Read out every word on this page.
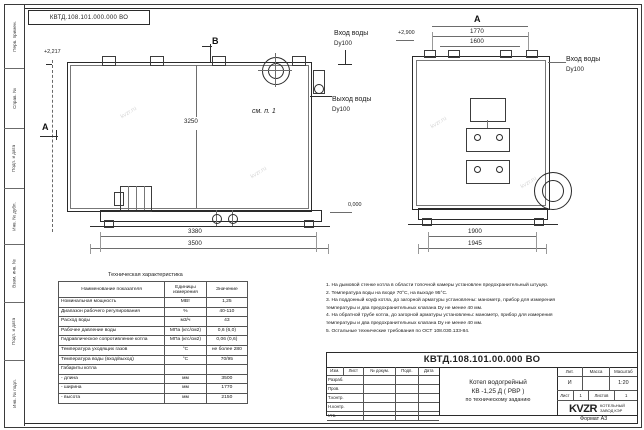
Перв. примен.
Справ. №
Подп. и дата
Инв. № дубл.
Взам. инв. №
Подп. и дата
Инв. № подл.
КВТД.108.101.000.000 ВО
+2,217
Вход воды
Dy100
Выход воды
Dy100
см. п. 1
3250
0,000
3380
3500
А
В
А
1770
1600
+2,900
Вход воды
Dy100
1900
1945
kvzr.ru
kvzr.ru
kvzr.ru
kvzr.ru
Техническая характеристика
Наименование показателя	Единицы измерения	Значение
Номинальная мощность	МВт	1,25
Диапазон рабочего регулирования	%	40-110
Расход воды	м3/ч	43
Рабочее давление воды	МПа (кгс/см2)	0,6 (6,0)
Гидравлическое сопротивление котла	МПа (кгс/см2)	0,06 (0,6)
Температура уходящих газов	°С	не более 280
Температура воды (вход/выход)	°С	70/95
Габариты котла		
- длина	мм	3500
- ширина	мм	1770
- высота	мм	2150
1. На дымовой стенке котла в области топочной камеры установлен предохранительный штуцер.
2. Температура воды на входе 70°С, на выходе 95°С.
3. На поддонный коуф котла, до загорной арматуры установлены: манометр, прибор для измерения температуры и два предохранительных клапана Dу не менее 40 мм.
4. На обратной трубе котла, до загорной арматуры установлены: манометр, прибор для измерения температуры и два предохранительных клапана Dу не менее 40 мм.
5. Остальные технические требования по ОСТ 108.030.133-84.
КВТД.108.101.00.000 ВО
Изм.	Лист	№ докум.	Подп.	Дата
Разраб.
Пров.
Т.контр.
Н.контр.
Утв.
Котел водогрейный
КВ -1,25 Д ( РВР )
по техническому заданию
Лит.	Масса	Масштаб
И	1:20
Лист	1	Листов	1
KVZR КОТЕЛЬНЫЙ
ЗАВОД КЭР
Формат А3
